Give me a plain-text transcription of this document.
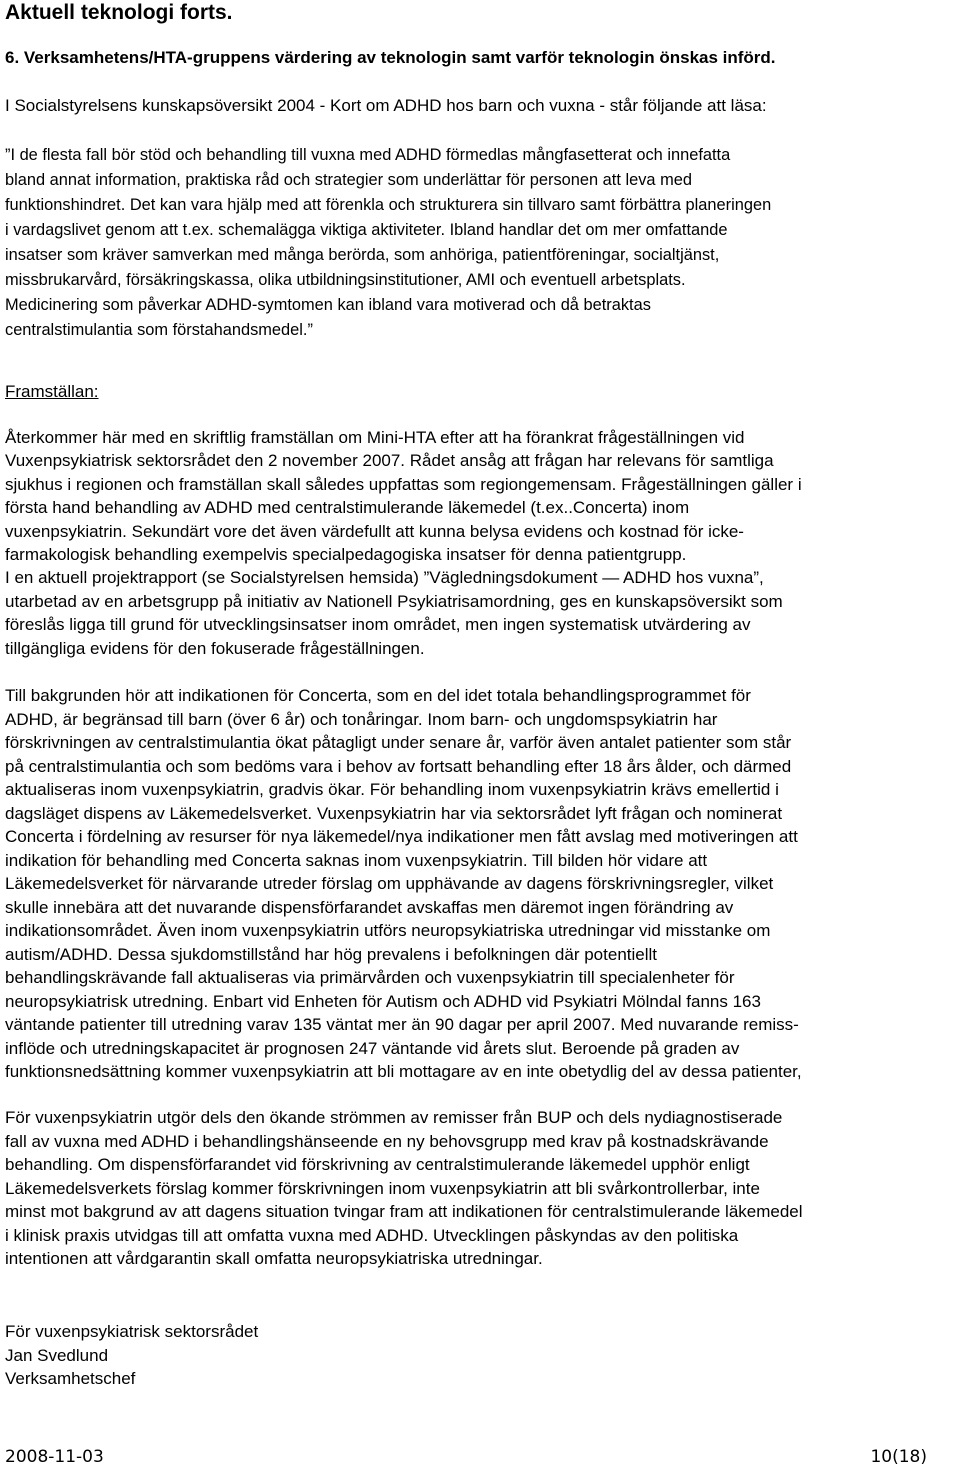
Aktuell teknologi forts.
6. Verksamhetens/HTA-gruppens värdering av teknologin samt varför teknologin önskas införd.

I Socialstyrelsens kunskapsöversikt 2004 - Kort om ADHD hos barn och vuxna - står följande att läsa:

”I de flesta fall bör stöd och behandling till vuxna med ADHD förmedlas mångfasetterat och innefatta
bland annat information, praktiska råd och strategier som underlättar för personen att leva med
funktionshindret. Det kan vara hjälp med att förenkla och strukturera sin tillvaro samt förbättra planeringen
i vardagslivet genom att t.ex. schemalägga viktiga aktiviteter. Ibland handlar det om mer omfattande
insatser som kräver samverkan med många berörda, som anhöriga, patientföreningar, socialtjänst,
missbrukarvård, försäkringskassa, olika utbildningsinstitutioner, AMI och eventuell arbetsplats.
Medicinering som påverkar ADHD-symtomen kan ibland vara motiverad och då betraktas
centralstimulantia som förstahandsmedel.”
Framställan:
Återkommer här med en skriftlig framställan om Mini-HTA efter att ha förankrat frågeställningen vid
Vuxenpsykiatrisk sektorsrådet den 2 november 2007. Rådet ansåg att frågan har relevans för samtliga
sjukhus i regionen och framställan skall således uppfattas som regiongemensam. Frågeställningen gäller i
första hand behandling av ADHD med centralstimulerande läkemedel (t.ex..Concerta) inom
vuxenpsykiatrin. Sekundärt vore det även värdefullt att kunna belysa evidens och kostnad för icke-
farmakologisk behandling exempelvis specialpedagogiska insatser för denna patientgrupp.
I en aktuell projektrapport (se Socialstyrelsen hemsida) ”Vägledningsdokument — ADHD hos vuxna”,
utarbetad av en arbetsgrupp på initiativ av Nationell Psykiatrisamordning, ges en kunskapsöversikt som
föreslås ligga till grund för utvecklingsinsatser inom området, men ingen systematisk utvärdering av
tillgängliga evidens för den fokuserade frågeställningen.
Till bakgrunden hör att indikationen för Concerta, som en del idet totala behandlingsprogrammet för
ADHD, är begränsad till barn (över 6 år) och tonåringar. Inom barn- och ungdomspsykiatrin har
förskrivningen av centralstimulantia ökat påtagligt under senare år, varför även antalet patienter som står
på centralstimulantia och som bedöms vara i behov av fortsatt behandling efter 18 års ålder, och därmed
aktualiseras inom vuxenpsykiatrin, gradvis ökar. För behandling inom vuxenpsykiatrin krävs emellertid i
dagsläget dispens av Läkemedelsverket. Vuxenpsykiatrin har via sektorsrådet lyft frågan och nominerat
Concerta i fördelning av resurser för nya läkemedel/nya indikationer men fått avslag med motiveringen att
indikation för behandling med Concerta saknas inom vuxenpsykiatrin. Till bilden hör vidare att
Läkemedelsverket för närvarande utreder förslag om upphävande av dagens förskrivningsregler, vilket
skulle innebära att det nuvarande dispensförfarandet avskaffas men däremot ingen förändring av
indikationsområdet. Även inom vuxenpsykiatrin utförs neuropsykiatriska utredningar vid misstanke om
autism/ADHD. Dessa sjukdomstillstånd har hög prevalens i befolkningen där potentiellt
behandlingskrävande fall aktualiseras via primärvården och vuxenpsykiatrin till specialenheter för
neuropsykiatrisk utredning. Enbart vid Enheten för Autism och ADHD vid Psykiatri Mölndal fanns 163
väntande patienter till utredning varav 135 väntat mer än 90 dagar per april 2007. Med nuvarande remiss-
inflöde och utredningskapacitet är prognosen 247 väntande vid årets slut. Beroende på graden av
funktionsnedsättning kommer vuxenpsykiatrin att bli mottagare av en inte obetydlig del av dessa patienter,
För vuxenpsykiatrin utgör dels den ökande strömmen av remisser från BUP och dels nydiagnostiserade
fall av vuxna med ADHD i behandlingshänseende en ny behovsgrupp med krav på kostnadskrävande
behandling. Om dispensförfarandet vid förskrivning av centralstimulerande läkemedel upphör enligt
Läkemedelsverkets förslag kommer förskrivningen inom vuxenpsykiatrin att bli svårkontrollerbar, inte
minst mot bakgrund av att dagens situation tvingar fram att indikationen för centralstimulerande läkemedel
i klinisk praxis utvidgas till att omfatta vuxna med ADHD. Utvecklingen påskyndas av den politiska
intentionen att vårdgarantin skall omfatta neuropsykiatriska utredningar.
För vuxenpsykiatrisk sektorsrådet
Jan Svedlund
Verksamhetschef
2008-11-03	10(18)
